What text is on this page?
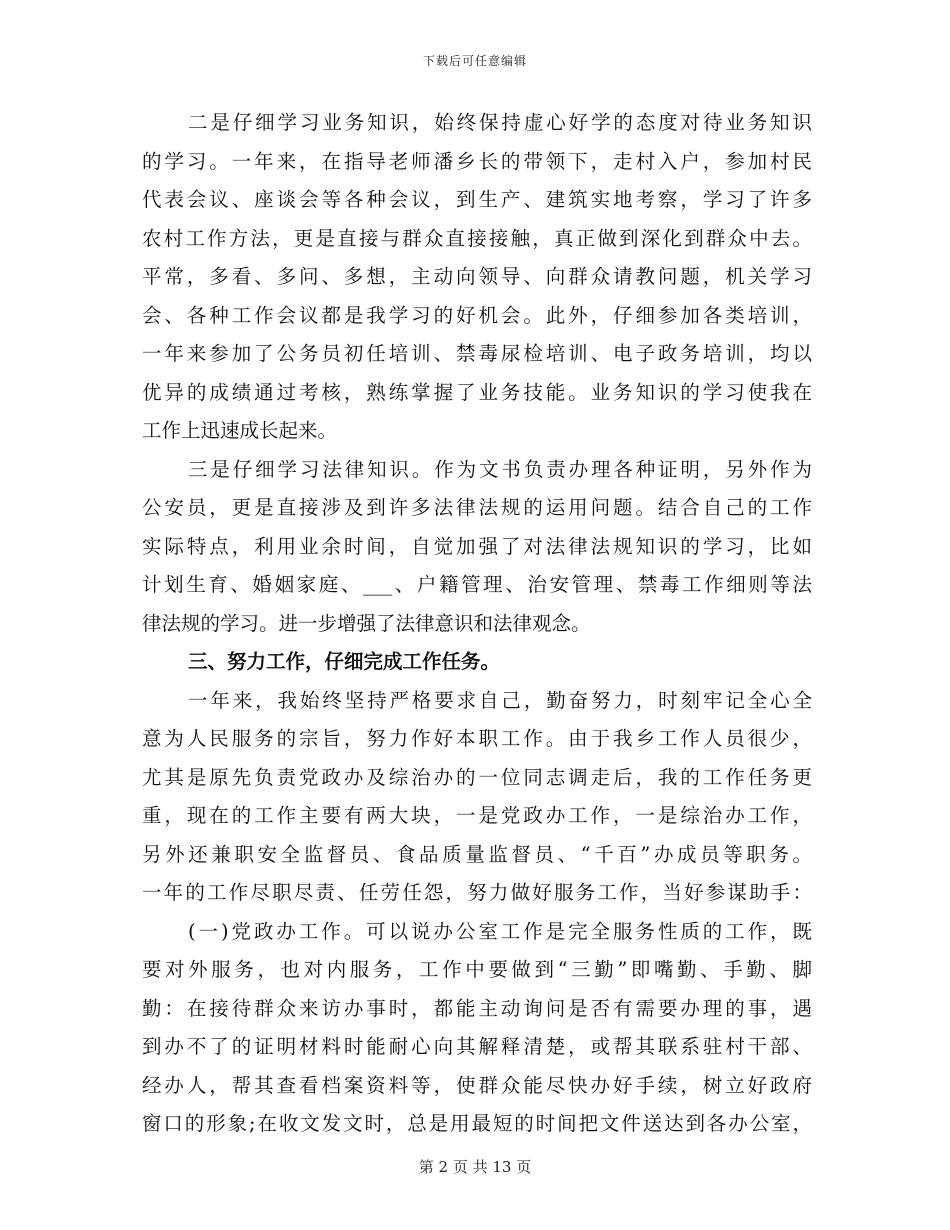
下载后可任意编辑
二是仔细学习业务知识，始终保持虚心好学的态度对待业务知识
的学习。一年来，在指导老师潘乡长的带领下，走村入户，参加村民
代表会议、座谈会等各种会议，到生产、建筑实地考察，学习了许多
农村工作方法，更是直接与群众直接接触，真正做到深化到群众中去。
平常，多看、多问、多想，主动向领导、向群众请教问题，机关学习
会、各种工作会议都是我学习的好机会。此外，仔细参加各类培训，
一年来参加了公务员初任培训、禁毒尿检培训、电子政务培训，均以
优异的成绩通过考核，熟练掌握了业务技能。业务知识的学习使我在
工作上迅速成长起来。
三是仔细学习法律知识。作为文书负责办理各种证明，另外作为
公安员，更是直接涉及到许多法律法规的运用问题。结合自己的工作
实际特点，利用业余时间，自觉加强了对法律法规知识的学习，比如
计划生育、婚姻家庭、___、户籍管理、治安管理、禁毒工作细则等法
律法规的学习。进一步增强了法律意识和法律观念。
三、努力工作，仔细完成工作任务。
一年来，我始终坚持严格要求自己，勤奋努力，时刻牢记全心全
意为人民服务的宗旨，努力作好本职工作。由于我乡工作人员很少，
尤其是原先负责党政办及综治办的一位同志调走后，我的工作任务更
重，现在的工作主要有两大块，一是党政办工作，一是综治办工作，
另外还兼职安全监督员、食品质量监督员、“千百”办成员等职务。
一年的工作尽职尽责、任劳任怨，努力做好服务工作，当好参谋助手：
(一)党政办工作。可以说办公室工作是完全服务性质的工作，既
要对外服务，也对内服务，工作中要做到“三勤”即嘴勤、手勤、脚
勤：在接待群众来访办事时，都能主动询问是否有需要办理的事，遇
到办不了的证明材料时能耐心向其解释清楚，或帮其联系驻村干部、
经办人，帮其查看档案资料等，使群众能尽快办好手续，树立好政府
窗口的形象;在收文发文时，总是用最短的时间把文件送达到各办公室，
第 2 页 共 13 页
